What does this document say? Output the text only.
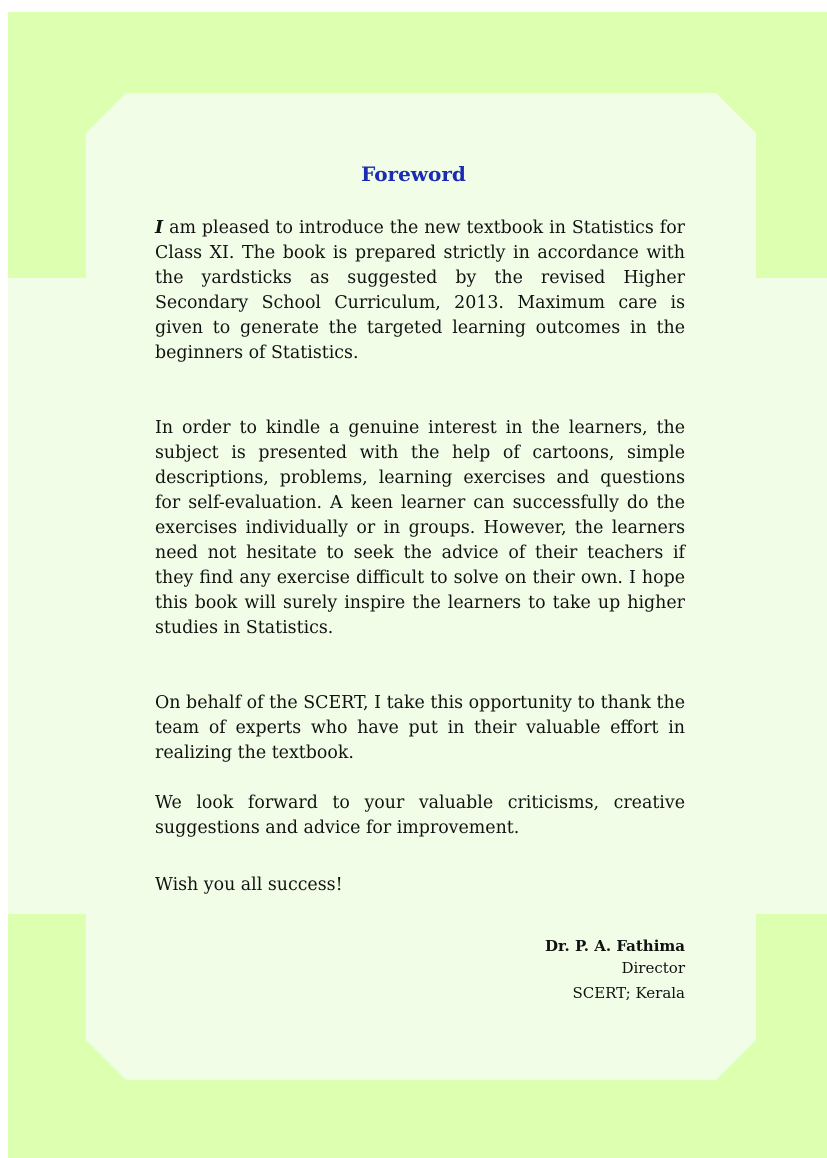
Foreword

I am pleased to introduce the new textbook in Statistics for Class XI. The book is prepared strictly in accordance with the yardsticks as suggested by the revised Higher Secondary School Curriculum, 2013. Maximum care is given to generate the targeted learning outcomes in the beginners of Statistics.

In order to kindle a genuine interest in the learners, the subject is presented with the help of cartoons, simple descriptions, problems, learning exercises and questions for self-evaluation. A keen learner can successfully do the exercises individually or in groups. However, the learners need not hesitate to seek the advice of their teachers if they find any exercise difficult to solve on their own. I hope this book will surely inspire the learners to take up higher studies in Statistics.

On behalf of the SCERT, I take this opportunity to thank the team of experts who have put in their valuable effort in realizing the textbook.

We look forward to your valuable criticisms, creative suggestions and advice for improvement.

Wish you all success!

Dr. P. A. Fathima
Director
SCERT; Kerala
